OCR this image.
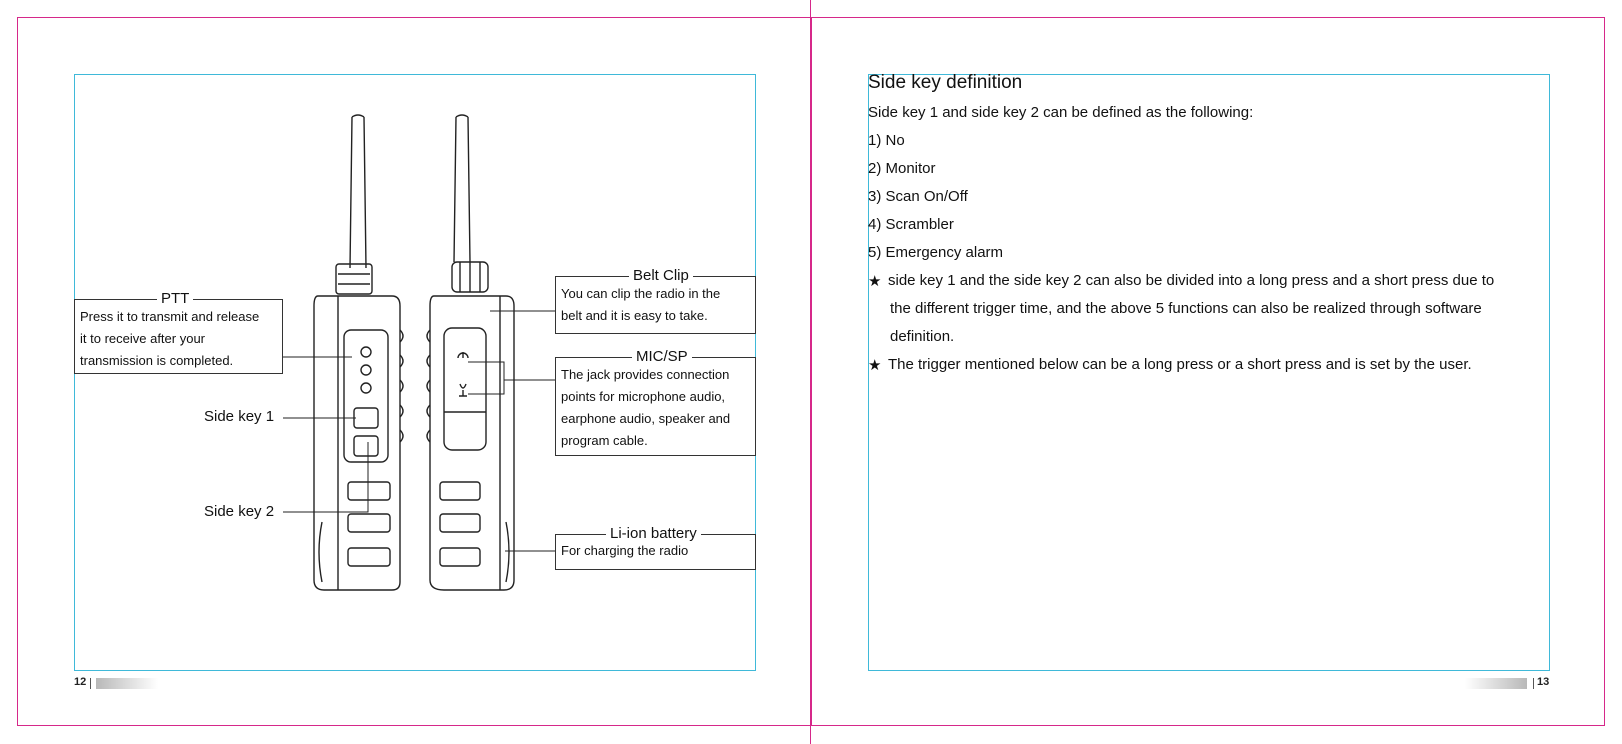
PTT
Press it to transmit and release
it to receive after your
transmission is completed.
Belt Clip
You can clip the radio in the
belt and it is easy to take.
MIC/SP
The jack provides connection
points for microphone audio,
earphone audio, speaker and
program cable.
Li-ion battery
For charging the radio
Side key 1
Side key 2
Side key definition
Side key 1 and side key 2 can be defined as the following:
1) No
2) Monitor
3) Scan On/Off
4) Scrambler
5) Emergency alarm
★ side key 1 and the side key 2 can also be divided into a long press and a short press due to
the different trigger time, and the above 5 functions can also be realized through software
definition.
★ The trigger mentioned below can be a long press or a short press and is set by the user.
12	13
